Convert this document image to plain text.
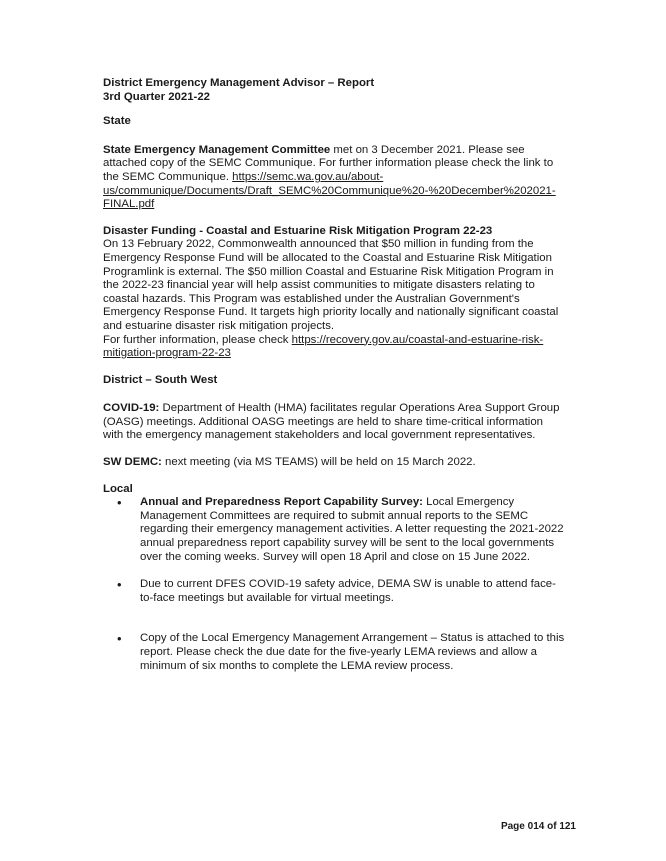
District Emergency Management Advisor – Report

3rd Quarter 2021-22

State

State Emergency Management Committee met on 3 December 2021. Please see attached copy of the SEMC Communique. For further information please check the link to the SEMC Communique. https://semc.wa.gov.au/about-us/communique/Documents/Draft_SEMC%20Communique%20-%20December%202021-FINAL.pdf

Disaster Funding - Coastal and Estuarine Risk Mitigation Program 22-23

On 13 February 2022, Commonwealth announced that $50 million in funding from the Emergency Response Fund will be allocated to the Coastal and Estuarine Risk Mitigation Programlink is external. The $50 million Coastal and Estuarine Risk Mitigation Program in the 2022-23 financial year will help assist communities to mitigate disasters relating to coastal hazards. This Program was established under the Australian Government's Emergency Response Fund. It targets high priority locally and nationally significant coastal and estuarine disaster risk mitigation projects.

For further information, please check https://recovery.gov.au/coastal-and-estuarine-risk-mitigation-program-22-23

District – South West

COVID-19: Department of Health (HMA) facilitates regular Operations Area Support Group (OASG) meetings. Additional OASG meetings are held to share time-critical information with the emergency management stakeholders and local government representatives.

SW DEMC: next meeting (via MS TEAMS) will be held on 15 March 2022.

Local

• Annual and Preparedness Report Capability Survey: Local Emergency Management Committees are required to submit annual reports to the SEMC regarding their emergency management activities. A letter requesting the 2021-2022 annual preparedness report capability survey will be sent to the local governments over the coming weeks. Survey will open 18 April and close on 15 June 2022.
• Due to current DFES COVID-19 safety advice, DEMA SW is unable to attend face-to-face meetings but available for virtual meetings.
• Copy of the Local Emergency Management Arrangement – Status is attached to this report. Please check the due date for the five-yearly LEMA reviews and allow a minimum of six months to complete the LEMA review process.
Page 014 of 121
